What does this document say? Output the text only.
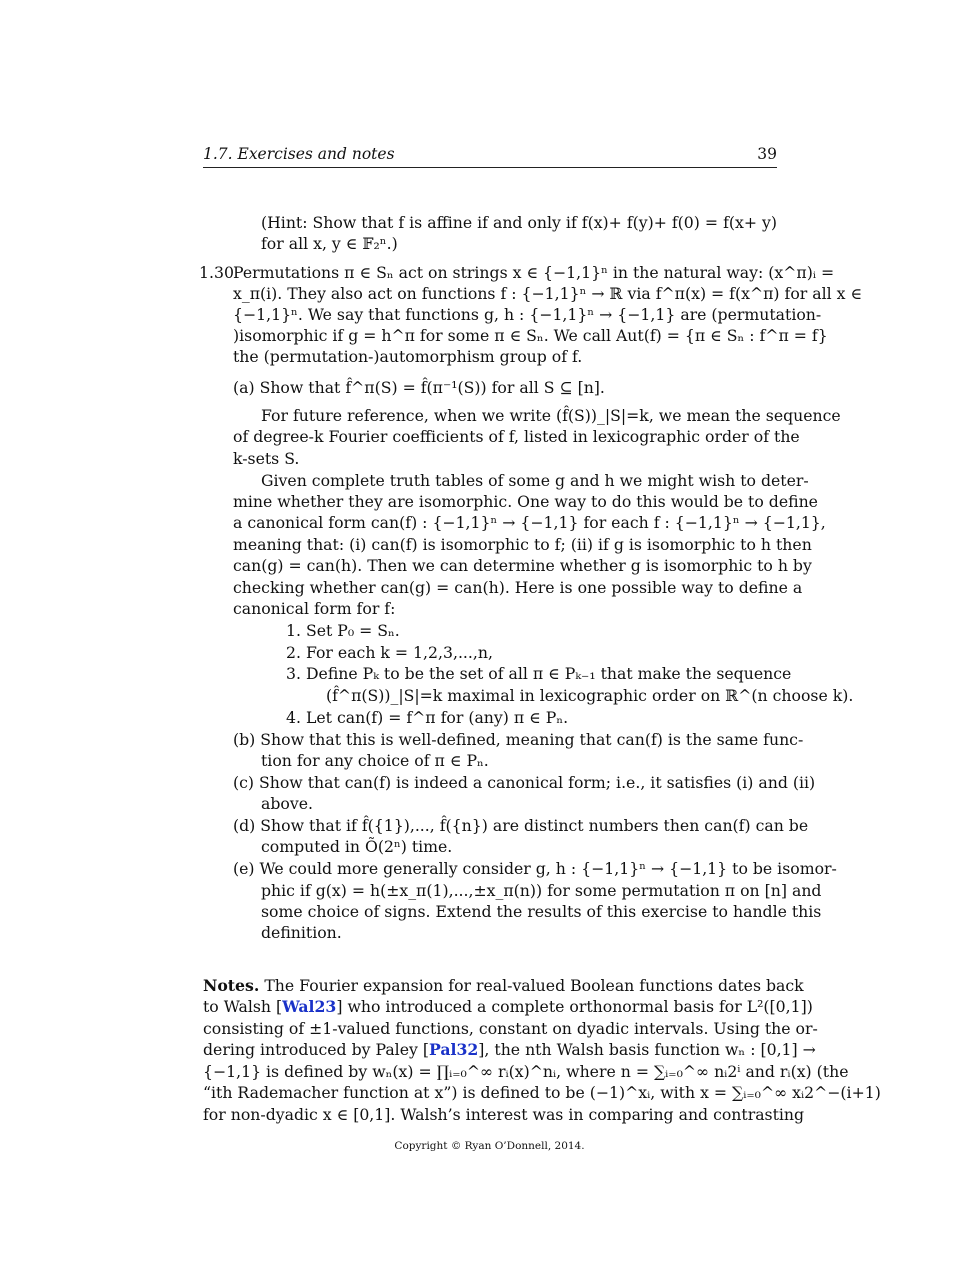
1.7. Exercises and notes	39
(Hint: Show that f is affine if and only if f(x)+ f(y)+ f(0) = f(x+ y)
for all x, y ∈ 𝔽₂ⁿ.)
1.30 Permutations π ∈ Sₙ act on strings x ∈ {−1,1}ⁿ in the natural way: (x^π)ᵢ =
x_π(i). They also act on functions f : {−1,1}ⁿ → ℝ via f^π(x) = f(x^π) for all x ∈
{−1,1}ⁿ. We say that functions g, h : {−1,1}ⁿ → {−1,1} are (permutation-
)isomorphic if g = h^π for some π ∈ Sₙ. We call Aut(f) = {π ∈ Sₙ : f^π = f}
the (permutation-)automorphism group of f.
(a) Show that f̂^π(S) = f̂(π⁻¹(S)) for all S ⊆ [n].
For future reference, when we write (f̂(S))_|S|=k, we mean the sequence
of degree-k Fourier coefficients of f, listed in lexicographic order of the
k-sets S.
Given complete truth tables of some g and h we might wish to deter-
mine whether they are isomorphic. One way to do this would be to define
a canonical form can(f) : {−1,1}ⁿ → {−1,1} for each f : {−1,1}ⁿ → {−1,1},
meaning that: (i) can(f) is isomorphic to f; (ii) if g is isomorphic to h then
can(g) = can(h). Then we can determine whether g is isomorphic to h by
checking whether can(g) = can(h). Here is one possible way to define a
canonical form for f:
1. Set P₀ = Sₙ.
2. For each k = 1,2,3,...,n,
3. Define Pₖ to be the set of all π ∈ Pₖ₋₁ that make the sequence
(f̂^π(S))_|S|=k maximal in lexicographic order on ℝ^(n choose k).
4. Let can(f) = f^π for (any) π ∈ Pₙ.
(b) Show that this is well-defined, meaning that can(f) is the same func-
tion for any choice of π ∈ Pₙ.
(c) Show that can(f) is indeed a canonical form; i.e., it satisfies (i) and (ii)
above.
(d) Show that if f̂({1}),..., f̂({n}) are distinct numbers then can(f) can be
computed in Õ(2ⁿ) time.
(e) We could more generally consider g, h : {−1,1}ⁿ → {−1,1} to be isomor-
phic if g(x) = h(±x_π(1),...,±x_π(n)) for some permutation π on [n] and
some choice of signs. Extend the results of this exercise to handle this
definition.
Notes. The Fourier expansion for real-valued Boolean functions dates back
to Walsh [Wal23] who introduced a complete orthonormal basis for L²([0,1])
consisting of ±1-valued functions, constant on dyadic intervals. Using the or-
dering introduced by Paley [Pal32], the nth Walsh basis function wₙ : [0,1] →
{−1,1} is defined by wₙ(x) = ∏ᵢ₌₀^∞ rᵢ(x)^nᵢ, where n = ∑ᵢ₌₀^∞ nᵢ2ⁱ and rᵢ(x) (the
“ith Rademacher function at x”) is defined to be (−1)^xᵢ, with x = ∑ᵢ₌₀^∞ xᵢ2^−(i+1)
for non-dyadic x ∈ [0,1]. Walsh’s interest was in comparing and contrasting
Copyright © Ryan O’Donnell, 2014.
